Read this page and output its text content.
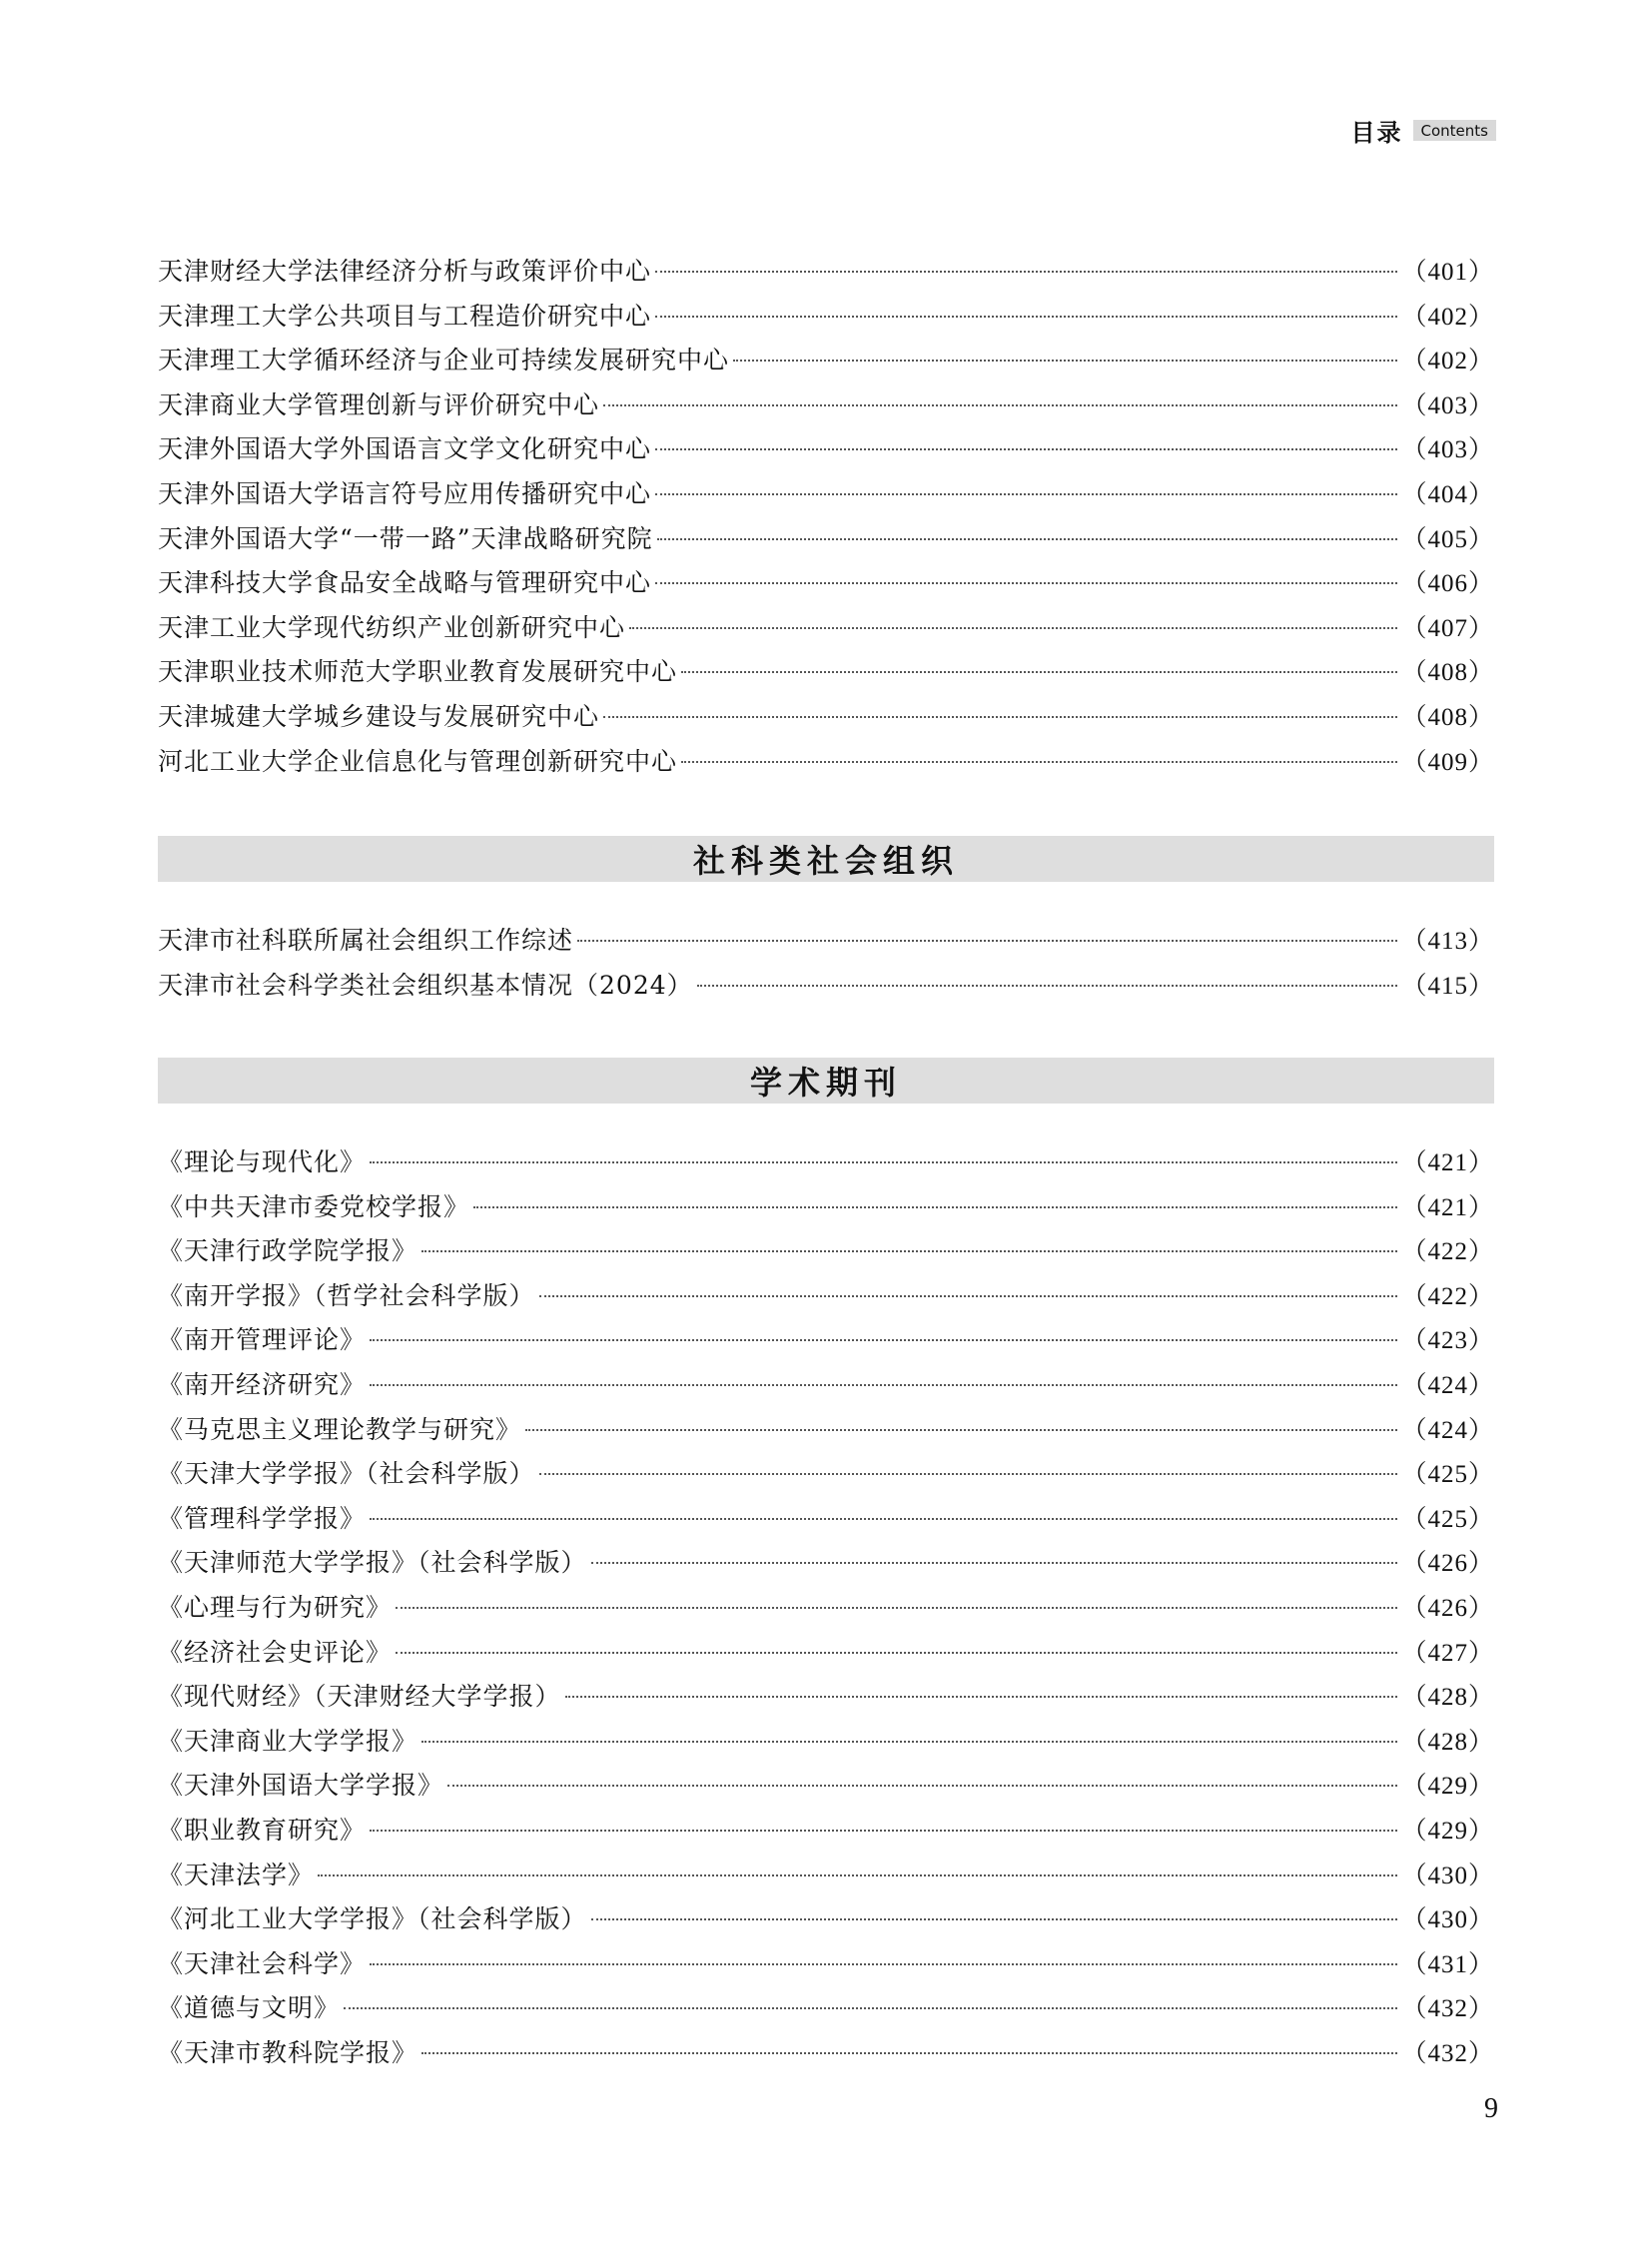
目录	Contents
天津财经大学法律经济分析与政策评价中心	（401）
天津理工大学公共项目与工程造价研究中心	（402）
天津理工大学循环经济与企业可持续发展研究中心	（402）
天津商业大学管理创新与评价研究中心	（403）
天津外国语大学外国语言文学文化研究中心	（403）
天津外国语大学语言符号应用传播研究中心	（404）
天津外国语大学“一带一路”天津战略研究院	（405）
天津科技大学食品安全战略与管理研究中心	（406）
天津工业大学现代纺织产业创新研究中心	（407）
天津职业技术师范大学职业教育发展研究中心	（408）
天津城建大学城乡建设与发展研究中心	（408）
河北工业大学企业信息化与管理创新研究中心	（409）
社科类社会组织
天津市社科联所属社会组织工作综述	（413）
天津市社会科学类社会组织基本情况（2024）	（415）
学术期刊
《理论与现代化》	（421）
《中共天津市委党校学报》	（421）
《天津行政学院学报》	（422）
《南开学报》（哲学社会科学版）	（422）
《南开管理评论》	（423）
《南开经济研究》	（424）
《马克思主义理论教学与研究》	（424）
《天津大学学报》（社会科学版）	（425）
《管理科学学报》	（425）
《天津师范大学学报》（社会科学版）	（426）
《心理与行为研究》	（426）
《经济社会史评论》	（427）
《现代财经》（天津财经大学学报）	（428）
《天津商业大学学报》	（428）
《天津外国语大学学报》	（429）
《职业教育研究》	（429）
《天津法学》	（430）
《河北工业大学学报》（社会科学版）	（430）
《天津社会科学》	（431）
《道德与文明》	（432）
《天津市教科院学报》	（432）
9
